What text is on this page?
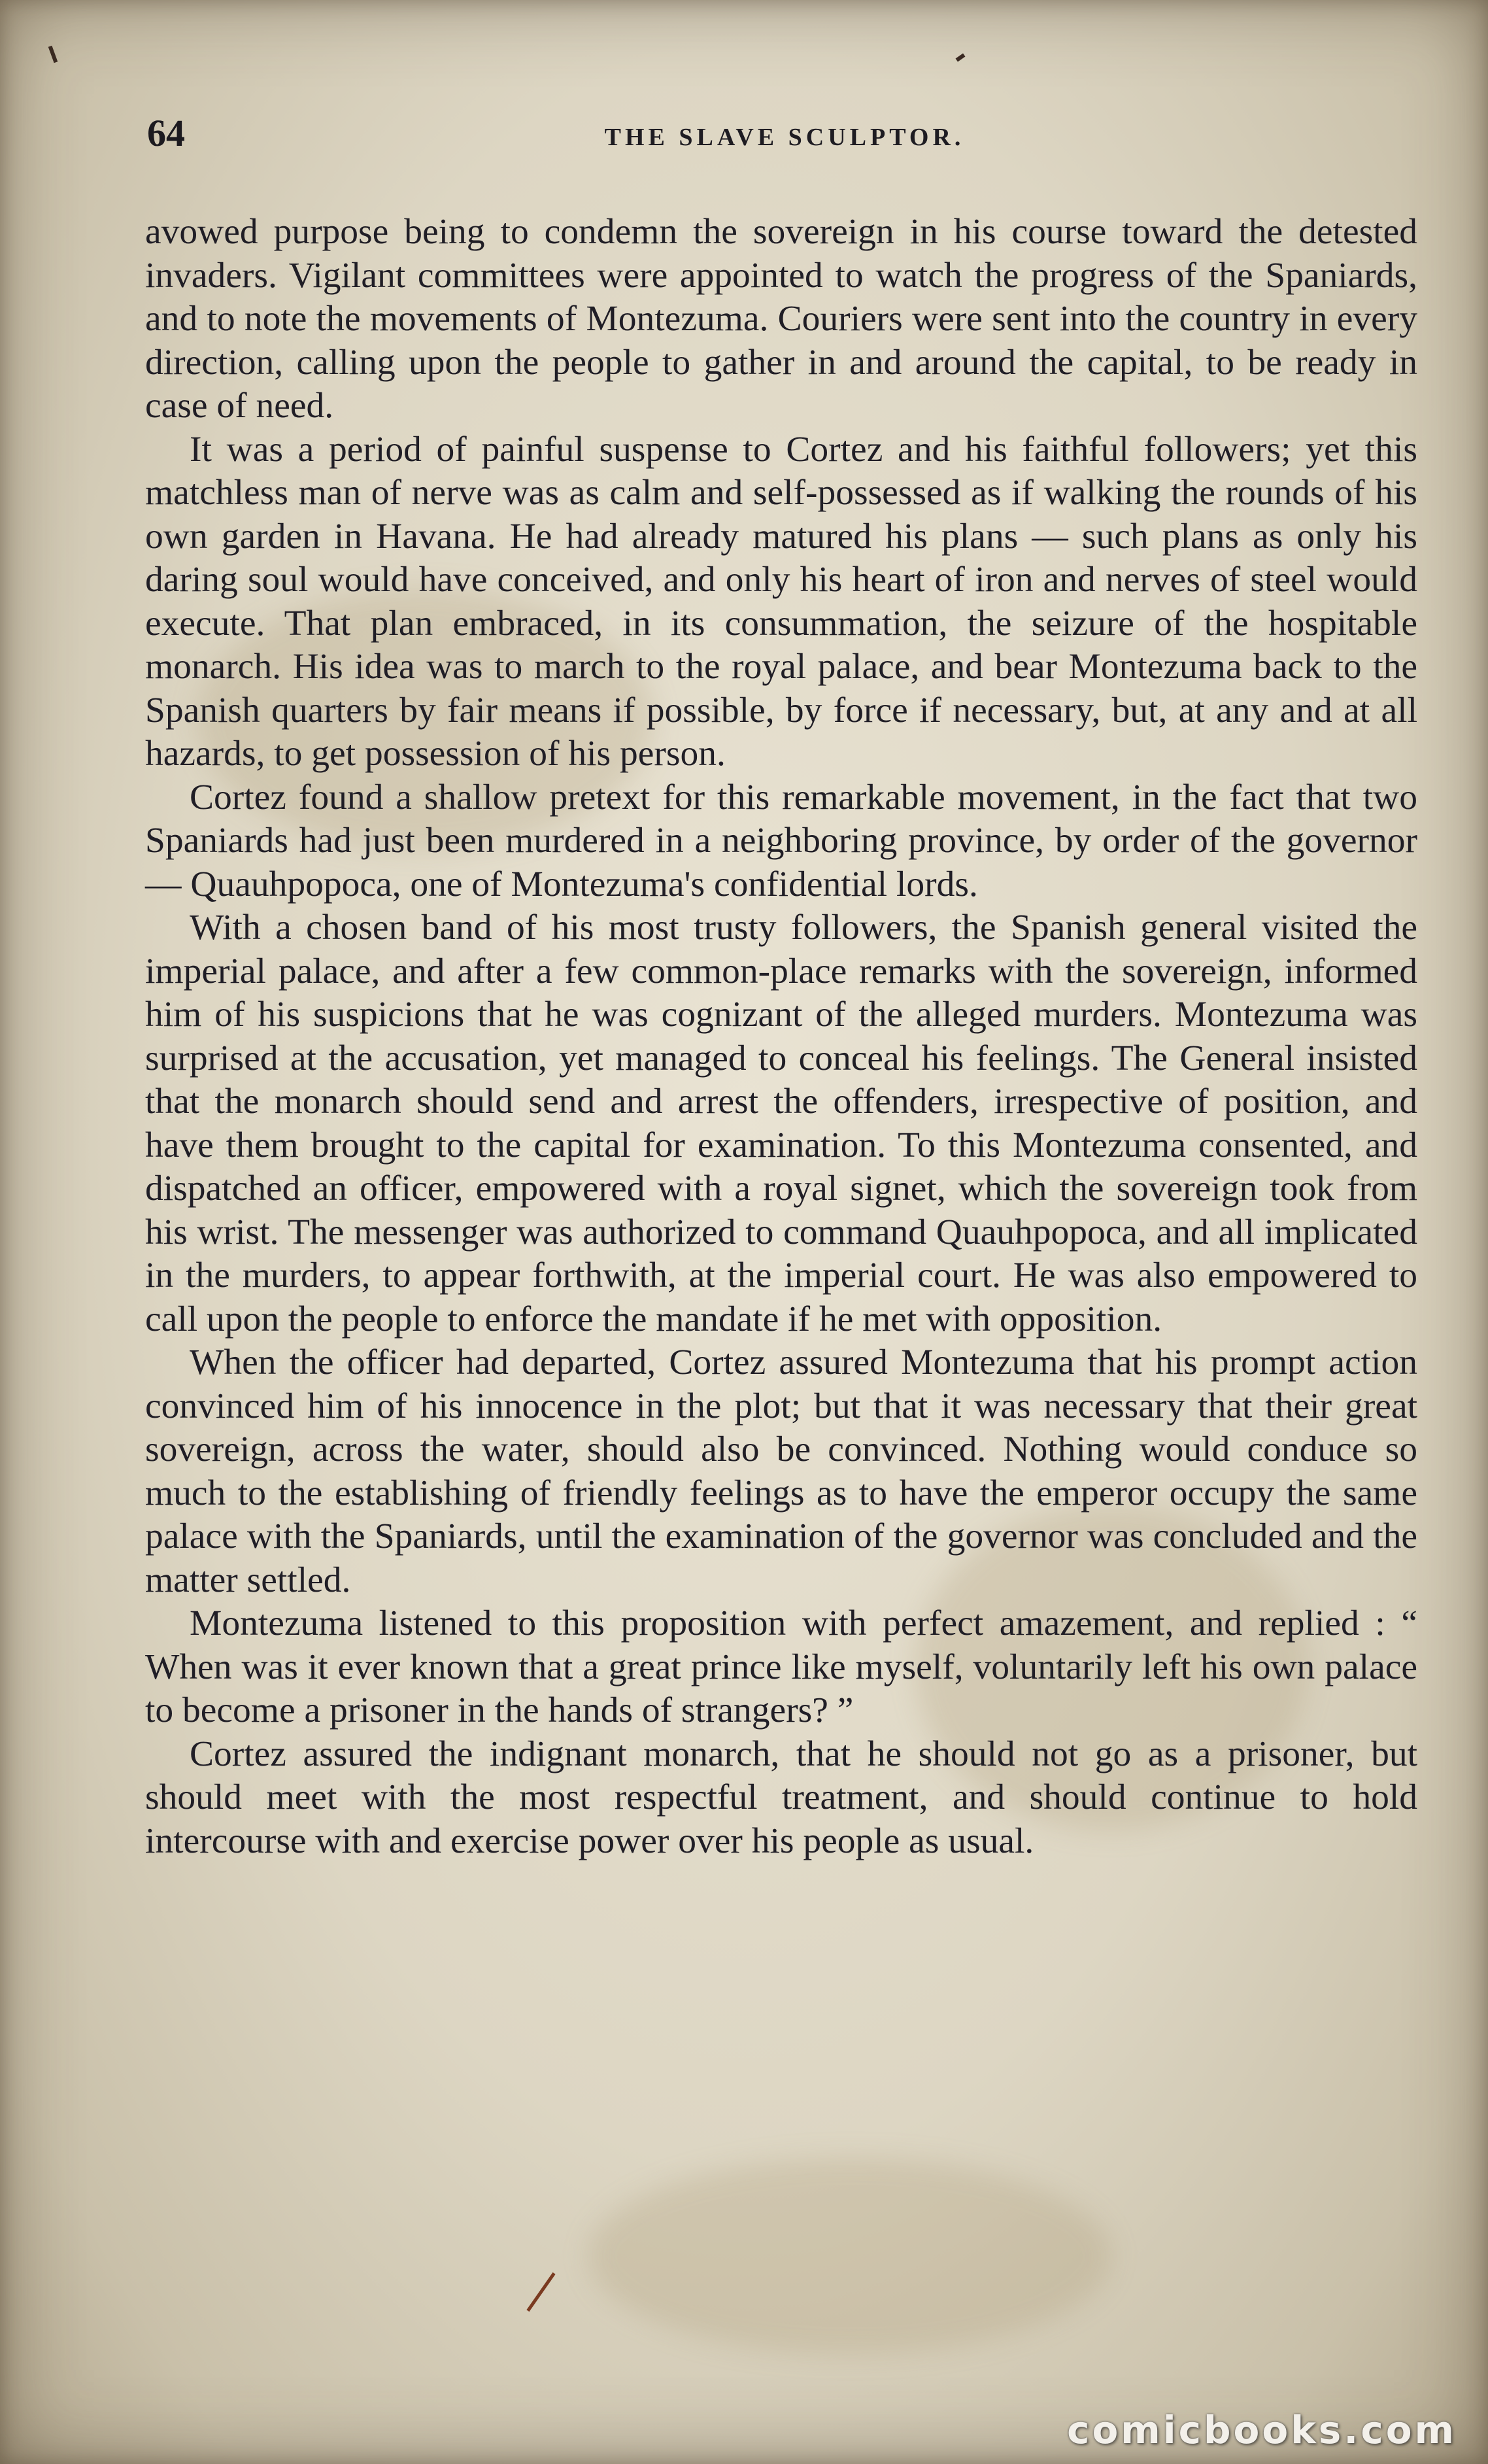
64	THE SLAVE SCULPTOR.

avowed purpose being to condemn the sovereign in his course toward the detested invaders. Vigilant committees were appointed to watch the progress of the Spaniards, and to note the movements of Montezuma. Couriers were sent into the country in every direction, calling upon the people to gather in and around the capital, to be ready in case of need.

It was a period of painful suspense to Cortez and his faithful followers; yet this matchless man of nerve was as calm and self-possessed as if walking the rounds of his own garden in Havana. He had already matured his plans — such plans as only his daring soul would have conceived, and only his heart of iron and nerves of steel would execute. That plan embraced, in its consummation, the seizure of the hospitable monarch. His idea was to march to the royal palace, and bear Montezuma back to the Spanish quarters by fair means if possible, by force if necessary, but, at any and at all hazards, to get possession of his person.

Cortez found a shallow pretext for this remarkable movement, in the fact that two Spaniards had just been murdered in a neighboring province, by order of the governor — Quauhpopoca, one of Montezuma's confidential lords.

With a chosen band of his most trusty followers, the Spanish general visited the imperial palace, and after a few common-place remarks with the sovereign, informed him of his suspicions that he was cognizant of the alleged murders. Montezuma was surprised at the accusation, yet managed to conceal his feelings. The General insisted that the monarch should send and arrest the offenders, irrespective of position, and have them brought to the capital for examination. To this Montezuma consented, and dispatched an officer, empowered with a royal signet, which the sovereign took from his wrist. The messenger was authorized to command Quauhpopoca, and all implicated in the murders, to appear forthwith, at the imperial court. He was also empowered to call upon the people to enforce the mandate if he met with opposition.

When the officer had departed, Cortez assured Montezuma that his prompt action convinced him of his innocence in the plot; but that it was necessary that their great sovereign, across the water, should also be convinced. Nothing would conduce so much to the establishing of friendly feelings as to have the emperor occupy the same palace with the Spaniards, until the examination of the governor was concluded and the matter settled.

Montezuma listened to this proposition with perfect amazement, and replied : “ When was it ever known that a great prince like myself, voluntarily left his own palace to become a prisoner in the hands of strangers? ”

Cortez assured the indignant monarch, that he should not go as a prisoner, but should meet with the most respectful treatment, and should continue to hold intercourse with and exercise power over his people as usual.

comicbooks.com
